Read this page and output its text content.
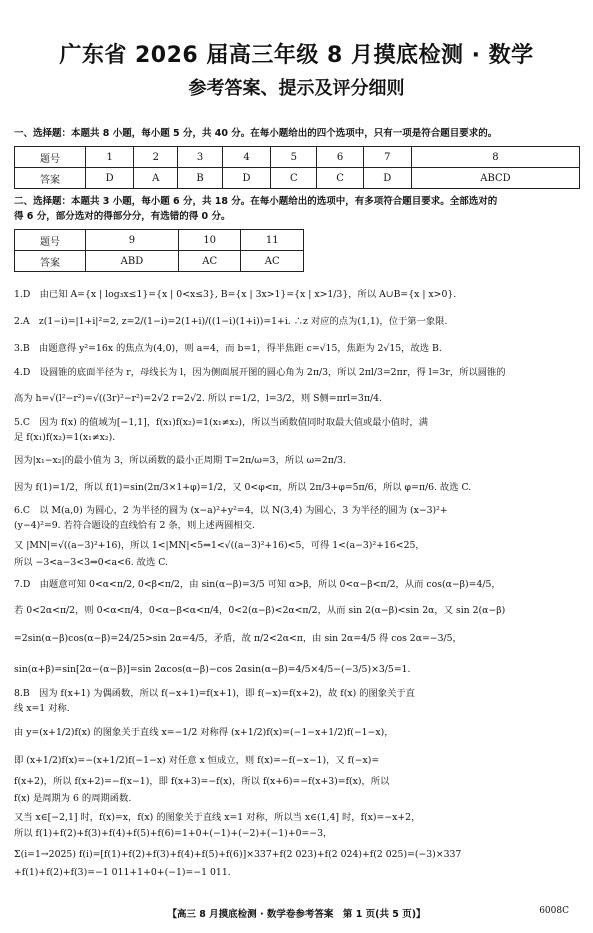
广东省 2026 届高三年级 8 月摸底检测 · 数学
参考答案、提示及评分细则
一、选择题：本题共 8 小题，每小题 5 分，共 40 分。在每小题给出的四个选项中，只有一项是符合题目要求的。
题号	1	2	3	4	5	6	7	8
答案	D	A	B	D	C	C	D	ABCD
二、选择题：本题共 3 小题，每小题 6 分，共 18 分。在每小题给出的选项中，有多项符合题目要求。全部选对的
得 6 分，部分选对的得部分分，有选错的得 0 分。
题号	9	10	11
答案	ABD	AC	AC
1.D　由已知 A={x | log₃x≤1}={x | 0<x≤3}, B={x | 3x>1}={x | x>1/3}，所以 A∪B={x | x>0}.
2.A　z(1−i)=|1+i|²=2, z=2/(1−i)=2(1+i)/((1−i)(1+i))=1+i. ∴z 对应的点为(1,1)，位于第一象限.
3.B　由题意得 y²=16x 的焦点为(4,0)，则 a=4，而 b=1，得半焦距 c=√15，焦距为 2√15，故选 B.
4.D　设圆锥的底面半径为 r，母线长为 l，因为侧面展开图的圆心角为 2π/3，所以 2πl/3=2πr，得 l=3r，所以圆锥的
高为 h=√(l²−r²)=√((3r)²−r²)=2√2 r=2√2. 所以 r=1/2，l=3/2，则 S侧=πrl=3π/4.
5.C　因为 f(x) 的值域为[−1,1]，f(x₁)f(x₂)=1(x₁≠x₂)，所以当函数值同时取最大值或最小值时，满
足 f(x₁)f(x₂)=1(x₁≠x₂).
因为|x₁−x₂|的最小值为 3，所以函数的最小正周期 T=2π/ω=3，所以 ω=2π/3.
因为 f(1)=1/2，所以 f(1)=sin(2π/3×1+φ)=1/2，又 0<φ<π，所以 2π/3+φ=5π/6，所以 φ=π/6. 故选 C.
6.C　以 M(a,0) 为圆心，2 为半径的圆为 (x−a)²+y²=4，以 N(3,4) 为圆心，3 为半径的圆为 (x−3)²+
(y−4)²=9. 若符合题设的直线恰有 2 条，则上述两圆相交.
又 |MN|=√((a−3)²+16)，所以 1<|MN|<5⇒1<√((a−3)²+16)<5，可得 1<(a−3)²+16<25，
所以 −3<a−3<3⇒0<a<6. 故选 C.
7.D　由题意可知 0<α<π/2, 0<β<π/2，由 sin(α−β)=3/5 可知 α>β，所以 0<α−β<π/2，从而 cos(α−β)=4/5，
若 0<2α<π/2，则 0<α<π/4，0<α−β<α<π/4，0<2(α−β)<2α<π/2，从而 sin 2(α−β)<sin 2α，又 sin 2(α−β)
=2sin(α−β)cos(α−β)=24/25>sin 2α=4/5，矛盾，故 π/2<2α<π，由 sin 2α=4/5 得 cos 2α=−3/5，
sin(α+β)=sin[2α−(α−β)]=sin 2αcos(α−β)−cos 2αsin(α−β)=4/5×4/5−(−3/5)×3/5=1.
8.B　因为 f(x+1) 为偶函数，所以 f(−x+1)=f(x+1)，即 f(−x)=f(x+2)，故 f(x) 的图象关于直
线 x=1 对称.
由 y=(x+1/2)f(x) 的图象关于直线 x=−1/2 对称得 (x+1/2)f(x)=(−1−x+1/2)f(−1−x)，
即 (x+1/2)f(x)=−(x+1/2)f(−1−x) 对任意 x 恒成立，则 f(x)=−f(−x−1)，又 f(−x)=
f(x+2)，所以 f(x+2)=−f(x−1)，即 f(x+3)=−f(x)，所以 f(x+6)=−f(x+3)=f(x)，所以
f(x) 是周期为 6 的周期函数.
又当 x∈[−2,1] 时，f(x)=x，f(x) 的图象关于直线 x=1 对称，所以当 x∈(1,4] 时，f(x)=−x+2，
所以 f(1)+f(2)+f(3)+f(4)+f(5)+f(6)=1+0+(−1)+(−2)+(−1)+0=−3，
Σ(i=1→2025) f(i)=[f(1)+f(2)+f(3)+f(4)+f(5)+f(6)]×337+f(2 023)+f(2 024)+f(2 025)=(−3)×337
+f(1)+f(2)+f(3)=−1 011+1+0+(−1)=−1 011.
【高三 8 月摸底检测 · 数学卷参考答案　第 1 页(共 5 页)】	6008C
